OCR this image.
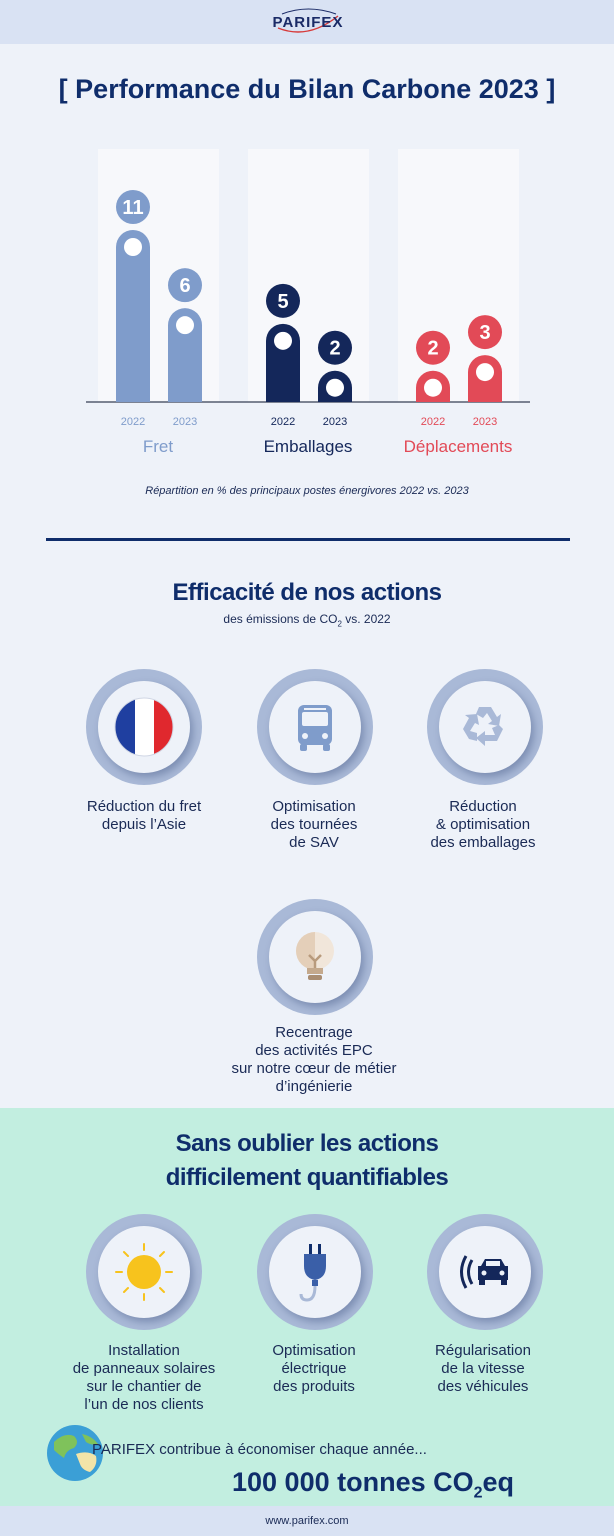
PARIFEX
[ Performance du Bilan Carbone 2023 ]
11
2022
6
2023
Fret
5
2022
2
2023
Emballages
2
2022
3
2023
Déplacements
Répartition en % des principaux postes énergivores 2022 vs. 2023
Efficacité de nos actions
des émissions de $CO_2$ vs. 2022
Réduction du fret
depuis l’Asie
Optimisation
des tournées
de SAV
Réduction
& optimisation
des emballages
Recentrage
des activités EPC
sur notre cœur de métier
d’ingénierie
Sans oublier les actions
difficilement quantifiables
Installation
de panneaux solaires
sur le chantier de
l’un de nos clients
Optimisation
électrique
des produits
Régularisation
de la vitesse
des véhicules
PARIFEX contribue à économiser chaque année...
100 000 tonnes $CO_2eq$
www.parifex.com
